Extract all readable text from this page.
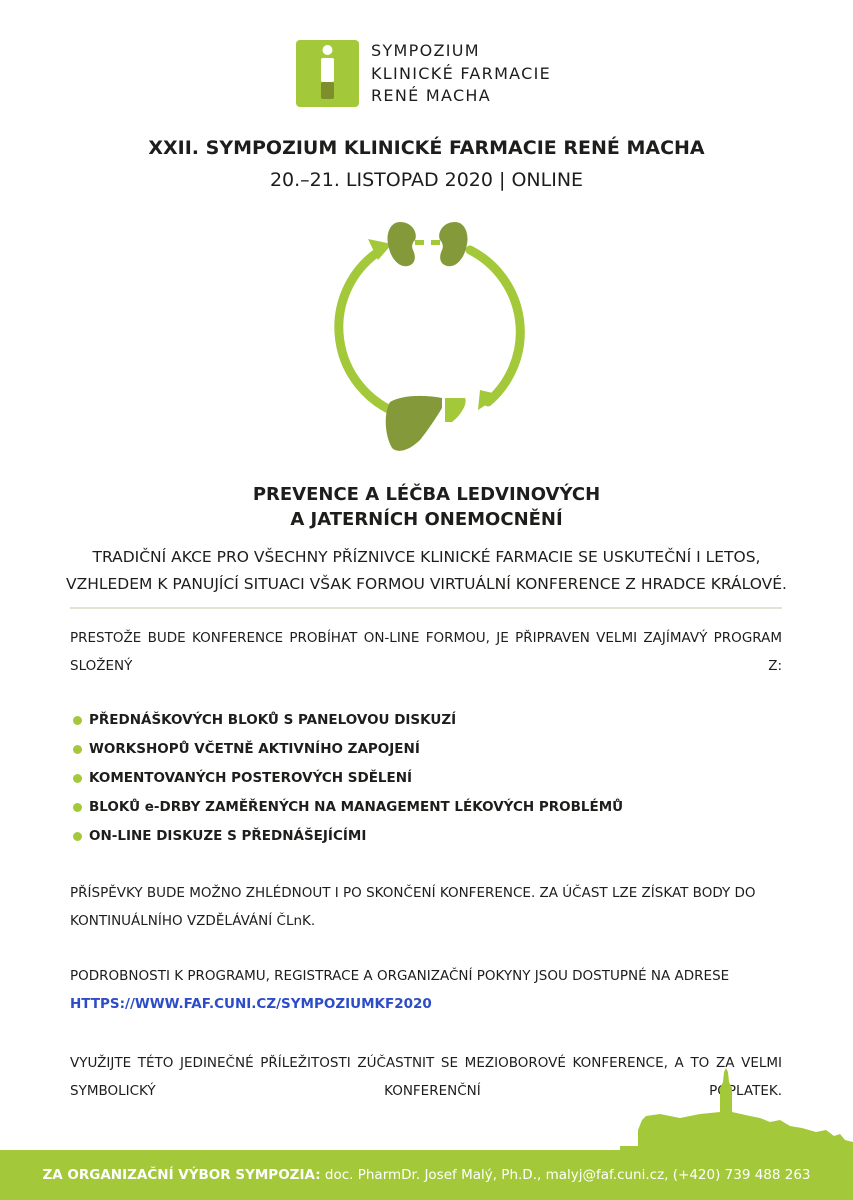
SYMPOZIUM
KLINICKÉ FARMACIE
RENÉ MACHA
XXII. SYMPOZIUM KLINICKÉ FARMACIE RENÉ MACHA
20.–21. LISTOPAD 2020 | ONLINE
PREVENCE A LÉČBA LEDVINOVÝCH
A JATERNÍCH ONEMOCNĚNÍ
TRADIČNÍ AKCE PRO VŠECHNY PŘÍZNIVCE KLINICKÉ FARMACIE SE USKUTEČNÍ I LETOS,
VZHLEDEM K PANUJÍCÍ SITUACI VŠAK FORMOU VIRTUÁLNÍ KONFERENCE Z HRADCE KRÁLOVÉ.
PRESTOŽE BUDE KONFERENCE PROBÍHAT ON-LINE FORMOU, JE PŘIPRAVEN VELMI ZAJÍMAVÝ PROGRAM SLOŽENÝ Z:
PŘEDNÁŠKOVÝCH BLOKŮ S PANELOVOU DISKUZÍ
WORKSHOPŮ VČETNĚ AKTIVNÍHO ZAPOJENÍ
KOMENTOVANÝCH POSTEROVÝCH SDĚLENÍ
BLOKŮ e-DRBY ZAMĚŘENÝCH NA MANAGEMENT LÉKOVÝCH PROBLÉMŮ
ON-LINE DISKUZE S PŘEDNÁŠEJÍCÍMI
PŘÍSPĚVKY BUDE MOŽNO ZHLÉDNOUT I PO SKONČENÍ KONFERENCE. ZA ÚČAST LZE ZÍSKAT BODY DO KONTINUÁLNÍHO VZDĚLÁVÁNÍ ČLnK.
PODROBNOSTI K PROGRAMU, REGISTRACE A ORGANIZAČNÍ POKYNY JSOU DOSTUPNÉ NA ADRESE
HTTPS://WWW.FAF.CUNI.CZ/SYMPOZIUMKF2020
VYUŽIJTE TÉTO JEDINEČNÉ PŘÍLEŽITOSTI ZÚČASTNIT SE MEZIOBOROVÉ KONFERENCE, A TO ZA VELMI SYMBOLICKÝ KONFERENČNÍ POPLATEK.
ZA ORGANIZAČNÍ VÝBOR SYMPOZIA: doc. PharmDr. Josef Malý, Ph.D., malyj@faf.cuni.cz, (+420) 739 488 263
